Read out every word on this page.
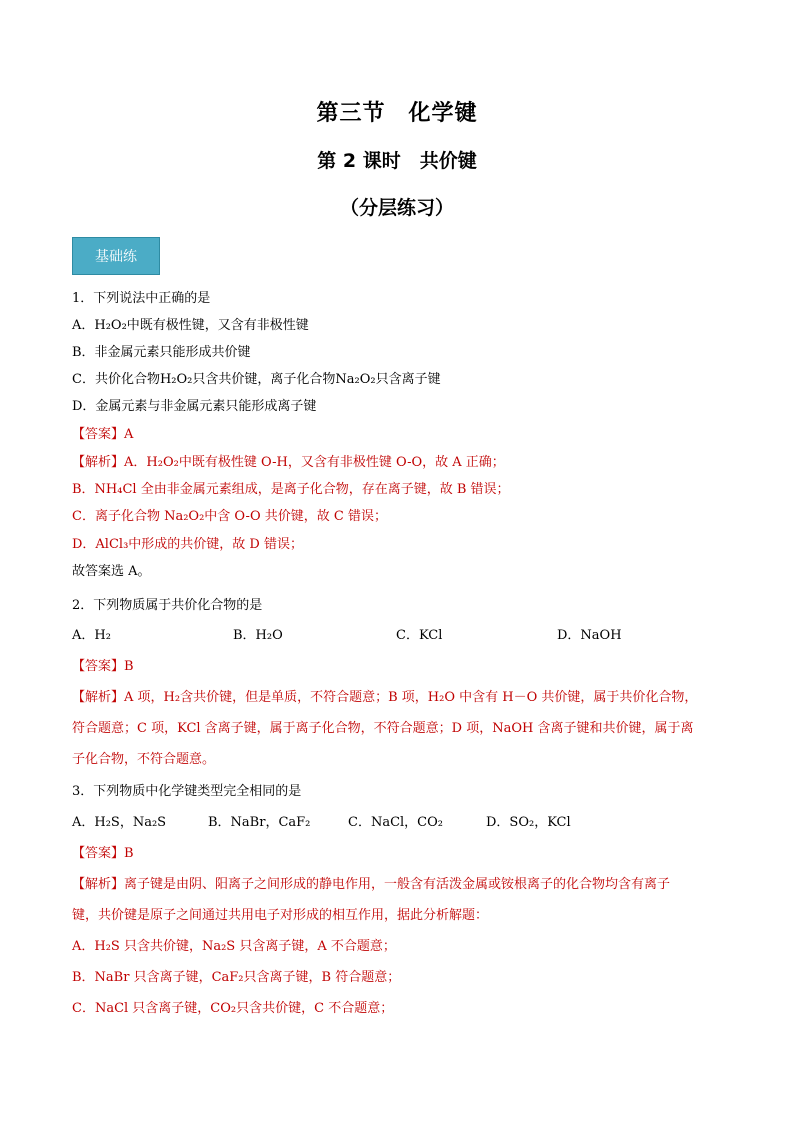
第三节　化学键
第 2 课时　共价键
（分层练习）
基础练
1．下列说法中正确的是
A．H₂O₂中既有极性键，又含有非极性键
B．非金属元素只能形成共价键
C．共价化合物H₂O₂只含共价键，离子化合物Na₂O₂只含离子键
D．金属元素与非金属元素只能形成离子键
【答案】A
【解析】A．H₂O₂中既有极性键 O-H，又含有非极性键 O-O，故 A 正确；
B．NH₄Cl 全由非金属元素组成，是离子化合物，存在离子键，故 B 错误；
C．离子化合物 Na₂O₂中含 O-O 共价键，故 C 错误；
D．AlCl₃中形成的共价键，故 D 错误；
故答案选 A。
2．下列物质属于共价化合物的是
A．H₂	B．H₂O	C．KCl	D．NaOH
【答案】B
【解析】A 项，H₂含共价键，但是单质，不符合题意；B 项，H₂O 中含有 H－O 共价键，属于共价化合物，
符合题意；C 项，KCl 含离子键，属于离子化合物，不符合题意；D 项，NaOH 含离子键和共价键，属于离
子化合物，不符合题意。
3．下列物质中化学键类型完全相同的是
A．H₂S，Na₂S	B．NaBr，CaF₂	C．NaCl，CO₂	D．SO₂，KCl
【答案】B
【解析】离子键是由阴、阳离子之间形成的静电作用，一般含有活泼金属或铵根离子的化合物均含有离子
键，共价键是原子之间通过共用电子对形成的相互作用，据此分析解题：
A．H₂S 只含共价键，Na₂S 只含离子键，A 不合题意；
B．NaBr 只含离子键，CaF₂只含离子键，B 符合题意；
C．NaCl 只含离子键，CO₂只含共价键，C 不合题意；
